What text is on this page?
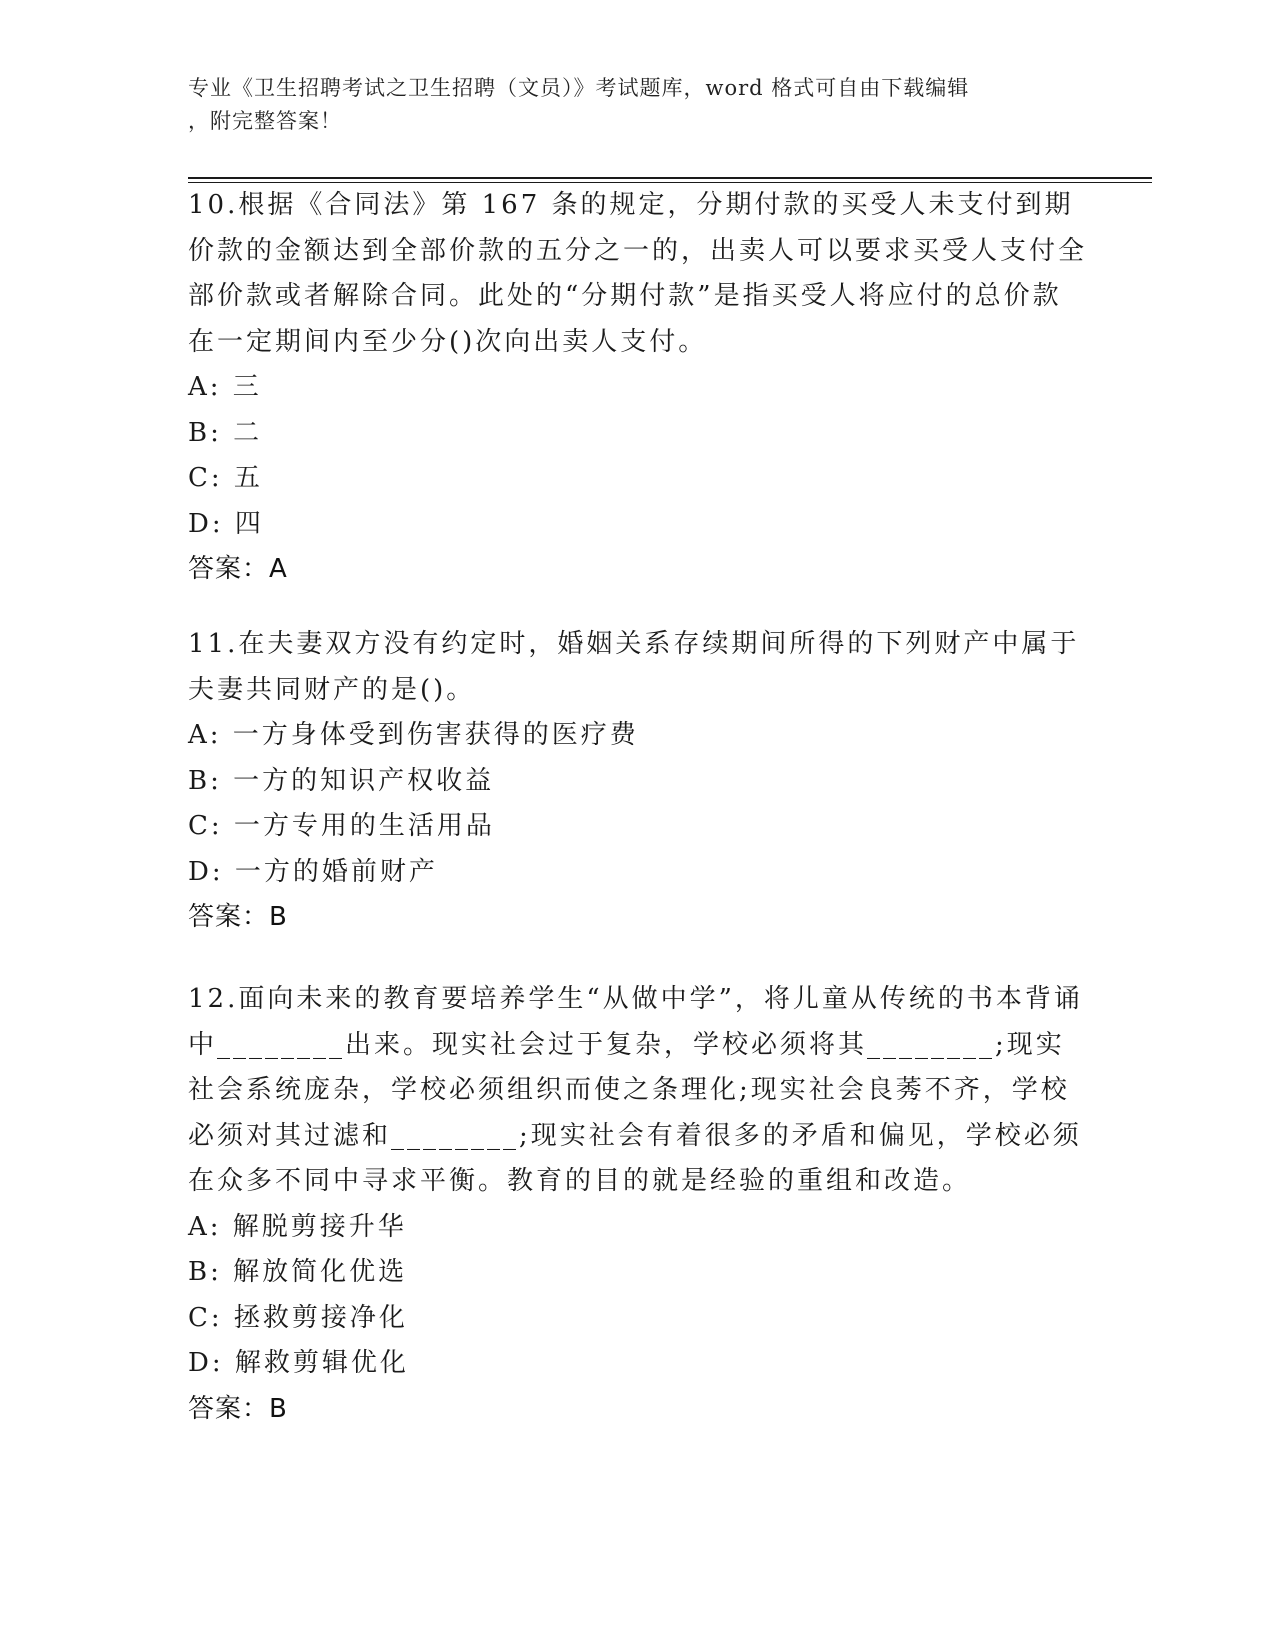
专业《卫生招聘考试之卫生招聘（文员）》考试题库，word 格式可自由下载编辑
，附完整答案！

10.根据《合同法》第 167 条的规定，分期付款的买受人未支付到期价款的金额达到全部价款的五分之一的，出卖人可以要求买受人支付全部价款或者解除合同。此处的“分期付款”是指买受人将应付的总价款在一定期间内至少分()次向出卖人支付。

A: 三

B: 二

C: 五

D: 四

答案：A

11.在夫妻双方没有约定时，婚姻关系存续期间所得的下列财产中属于夫妻共同财产的是()。

A: 一方身体受到伤害获得的医疗费

B: 一方的知识产权收益

C: 一方专用的生活用品

D: 一方的婚前财产

答案：B

12.面向未来的教育要培养学生“从做中学”，将儿童从传统的书本背诵中________出来。现实社会过于复杂，学校必须将其________;现实社会系统庞杂，学校必须组织而使之条理化;现实社会良莠不齐，学校必须对其过滤和________;现实社会有着很多的矛盾和偏见，学校必须在众多不同中寻求平衡。教育的目的就是经验的重组和改造。

A: 解脱剪接升华

B: 解放简化优选

C: 拯救剪接净化

D: 解救剪辑优化

答案：B
